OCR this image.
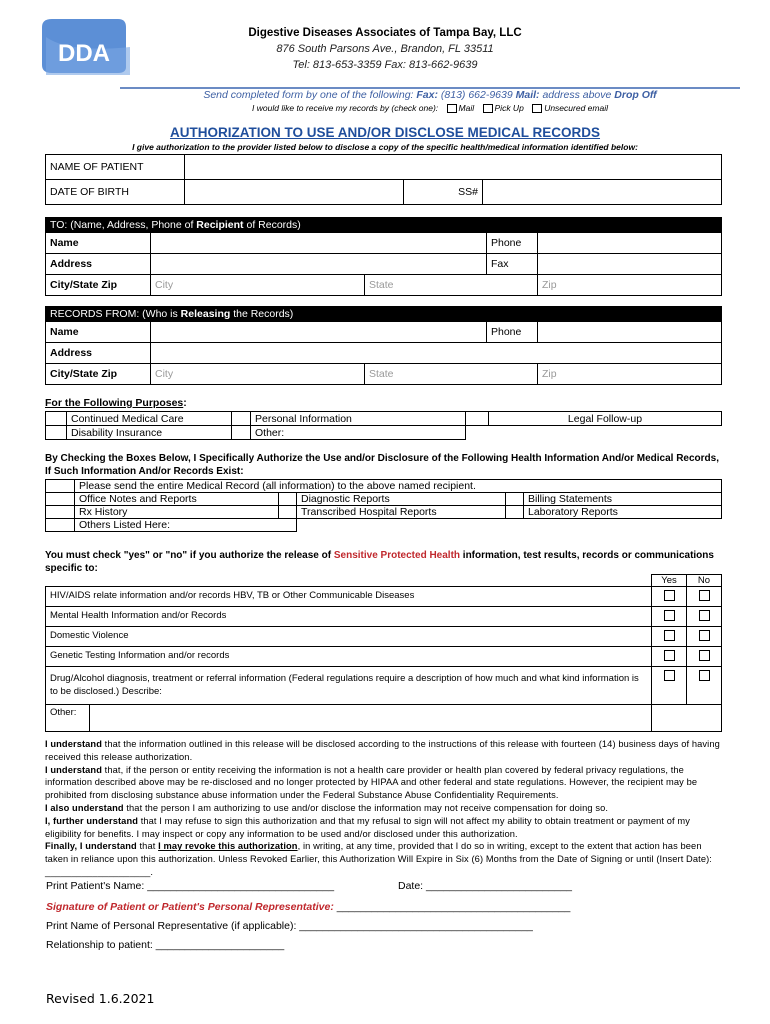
DDA
Digestive Diseases Associates of Tampa Bay, LLC
876 South Parsons Ave., Brandon, FL 33511
Tel: 813-653-3359 Fax: 813-662-9639
Send completed form by one of the following: Fax: (813) 662-9639 Mail: address above Drop Off
I would like to receive my records by (check one): Mail Pick Up Unsecured email
AUTHORIZATION TO USE AND/OR DISCLOSE MEDICAL RECORDS
I give authorization to the provider listed below to disclose a copy of the specific health/medical information identified below:
NAME OF PATIENT			
DATE OF BIRTH		SS#	
TO: (Name, Address, Phone of Recipient of Records)				
Name			Phone	
Address			Fax	
City/State Zip	City	State		Zip
RECORDS FROM: (Who is Releasing the Records)				
Name			Phone	
Address				
City/State Zip	City	State		Zip
For the Following Purposes:
	Continued Medical Care		Personal Information		Legal Follow-up
	Disability Insurance		Other:		
By Checking the Boxes Below, I Specifically Authorize the Use and/or Disclosure of the Following Health Information And/or Medical Records, If Such Information And/or Records Exist:
	Please send the entire Medical Record (all information) to the above named recipient.				
	Office Notes and Reports		Diagnostic Reports		Billing Statements
	Rx History		Transcribed Hospital Reports		Laboratory Reports
	Others Listed Here:				
You must check "yes" or "no" if you authorize the release of Sensitive Protected Health information, test results, records or communications specific to:
	Yes	No
HIV/AIDS relate information and/or records HBV, TB or Other Communicable Diseases		
Mental Health Information and/or Records		
Domestic Violence		
Genetic Testing Information and/or records		
Drug/Alcohol diagnosis, treatment or referral information (Federal regulations require a description of how much and what kind information is to be disclosed.) Describe:		

Other:		

I understand that the information outlined in this release will be disclosed according to the instructions of this release with fourteen (14) business days of having received this release authorization.
I understand that, if the person or entity receiving the information is not a health care provider or health plan covered by federal privacy regulations, the information described above may be re-disclosed and no longer protected by HIPAA and other federal and state regulations. However, the recipient may be prohibited from disclosing substance abuse information under the Federal Substance Abuse Confidentiality Requirements.
I also understand that the person I am authorizing to use and/or disclose the information may not receive compensation for doing so.
I, further understand that I may refuse to sign this authorization and that my refusal to sign will not affect my ability to obtain treatment or payment of my eligibility for benefits. I may inspect or copy any information to be used and/or disclosed under this authorization.
Finally, I understand that I may revoke this authorization, in writing, at any time, provided that I do so in writing, except to the extent that action has been taken in reliance upon this authorization. Unless Revoked Earlier, this Authorization Will Expire in Six (6) Months from the Date of Signing or until (Insert Date): ____________________.
Print Patient's Name: ________________________________	Date: _________________________
Signature of Patient or Patient's Personal Representative: ________________________________________
Print Name of Personal Representative (if applicable): ________________________________________
Relationship to patient: ______________________
Revised 1.6.2021
